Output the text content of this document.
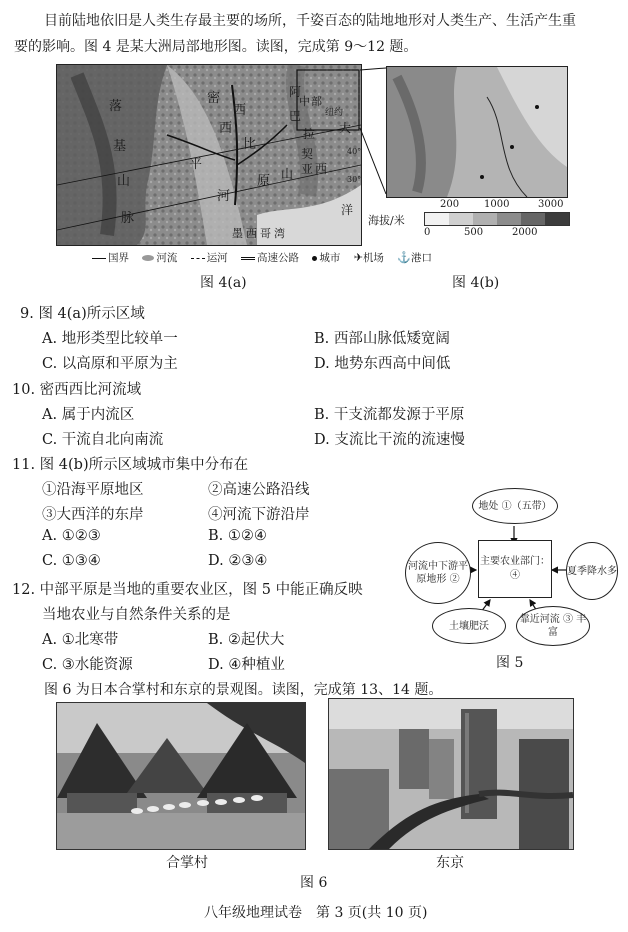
目前陆地依旧是人类生存最主要的场所，千姿百态的陆地地形对人类生产、生活产生重
要的影响。图 4 是某大洲局部地形图。读图，完成第 9～12 题。
落
基
山
脉
密
西
西
比
河
平
原
阿
巴
拉
契
亚
山
大
西
洋
墨 西 哥 湾
中 部
纽约
40°
30°
海拔/米
200 1000	3000
0	500	2000
国界	河流	运河	高速公路 城市 ✈机场 ⚓港口
图 4(a)	图 4(b)
9. 图 4(a)所示区域
A. 地形类型比较单一	B. 西部山脉低矮宽阔
C. 以高原和平原为主	D. 地势东西高中间低
10. 密西西比河流域
A. 属于内流区	B. 干支流都发源于平原
C. 干流自北向南流	D. 支流比干流的流速慢
11. 图 4(b)所示区域城市集中分布在
①沿海平原地区	②高速公路沿线
③大西洋的东岸	④河流下游沿岸
A. ①②③	B. ①②④
C. ①③④	D. ②③④
12. 中部平原是当地的重要农业区，图 5 中能正确反映
当地农业与自然条件关系的是
A. ①北寒带	B. ②起伏大
C. ③水能资源	D. ④种植业
地处 ①（五带）
河流中下游平原地形 ②
主要农业部门：④	夏季降水多
土壤肥沃
靠近河流 ③ 丰富
图 5
图 6 为日本合掌村和东京的景观图。读图，完成第 13、14 题。
合掌村	东京
图 6
八年级地理试卷　第 3 页(共 10 页)
